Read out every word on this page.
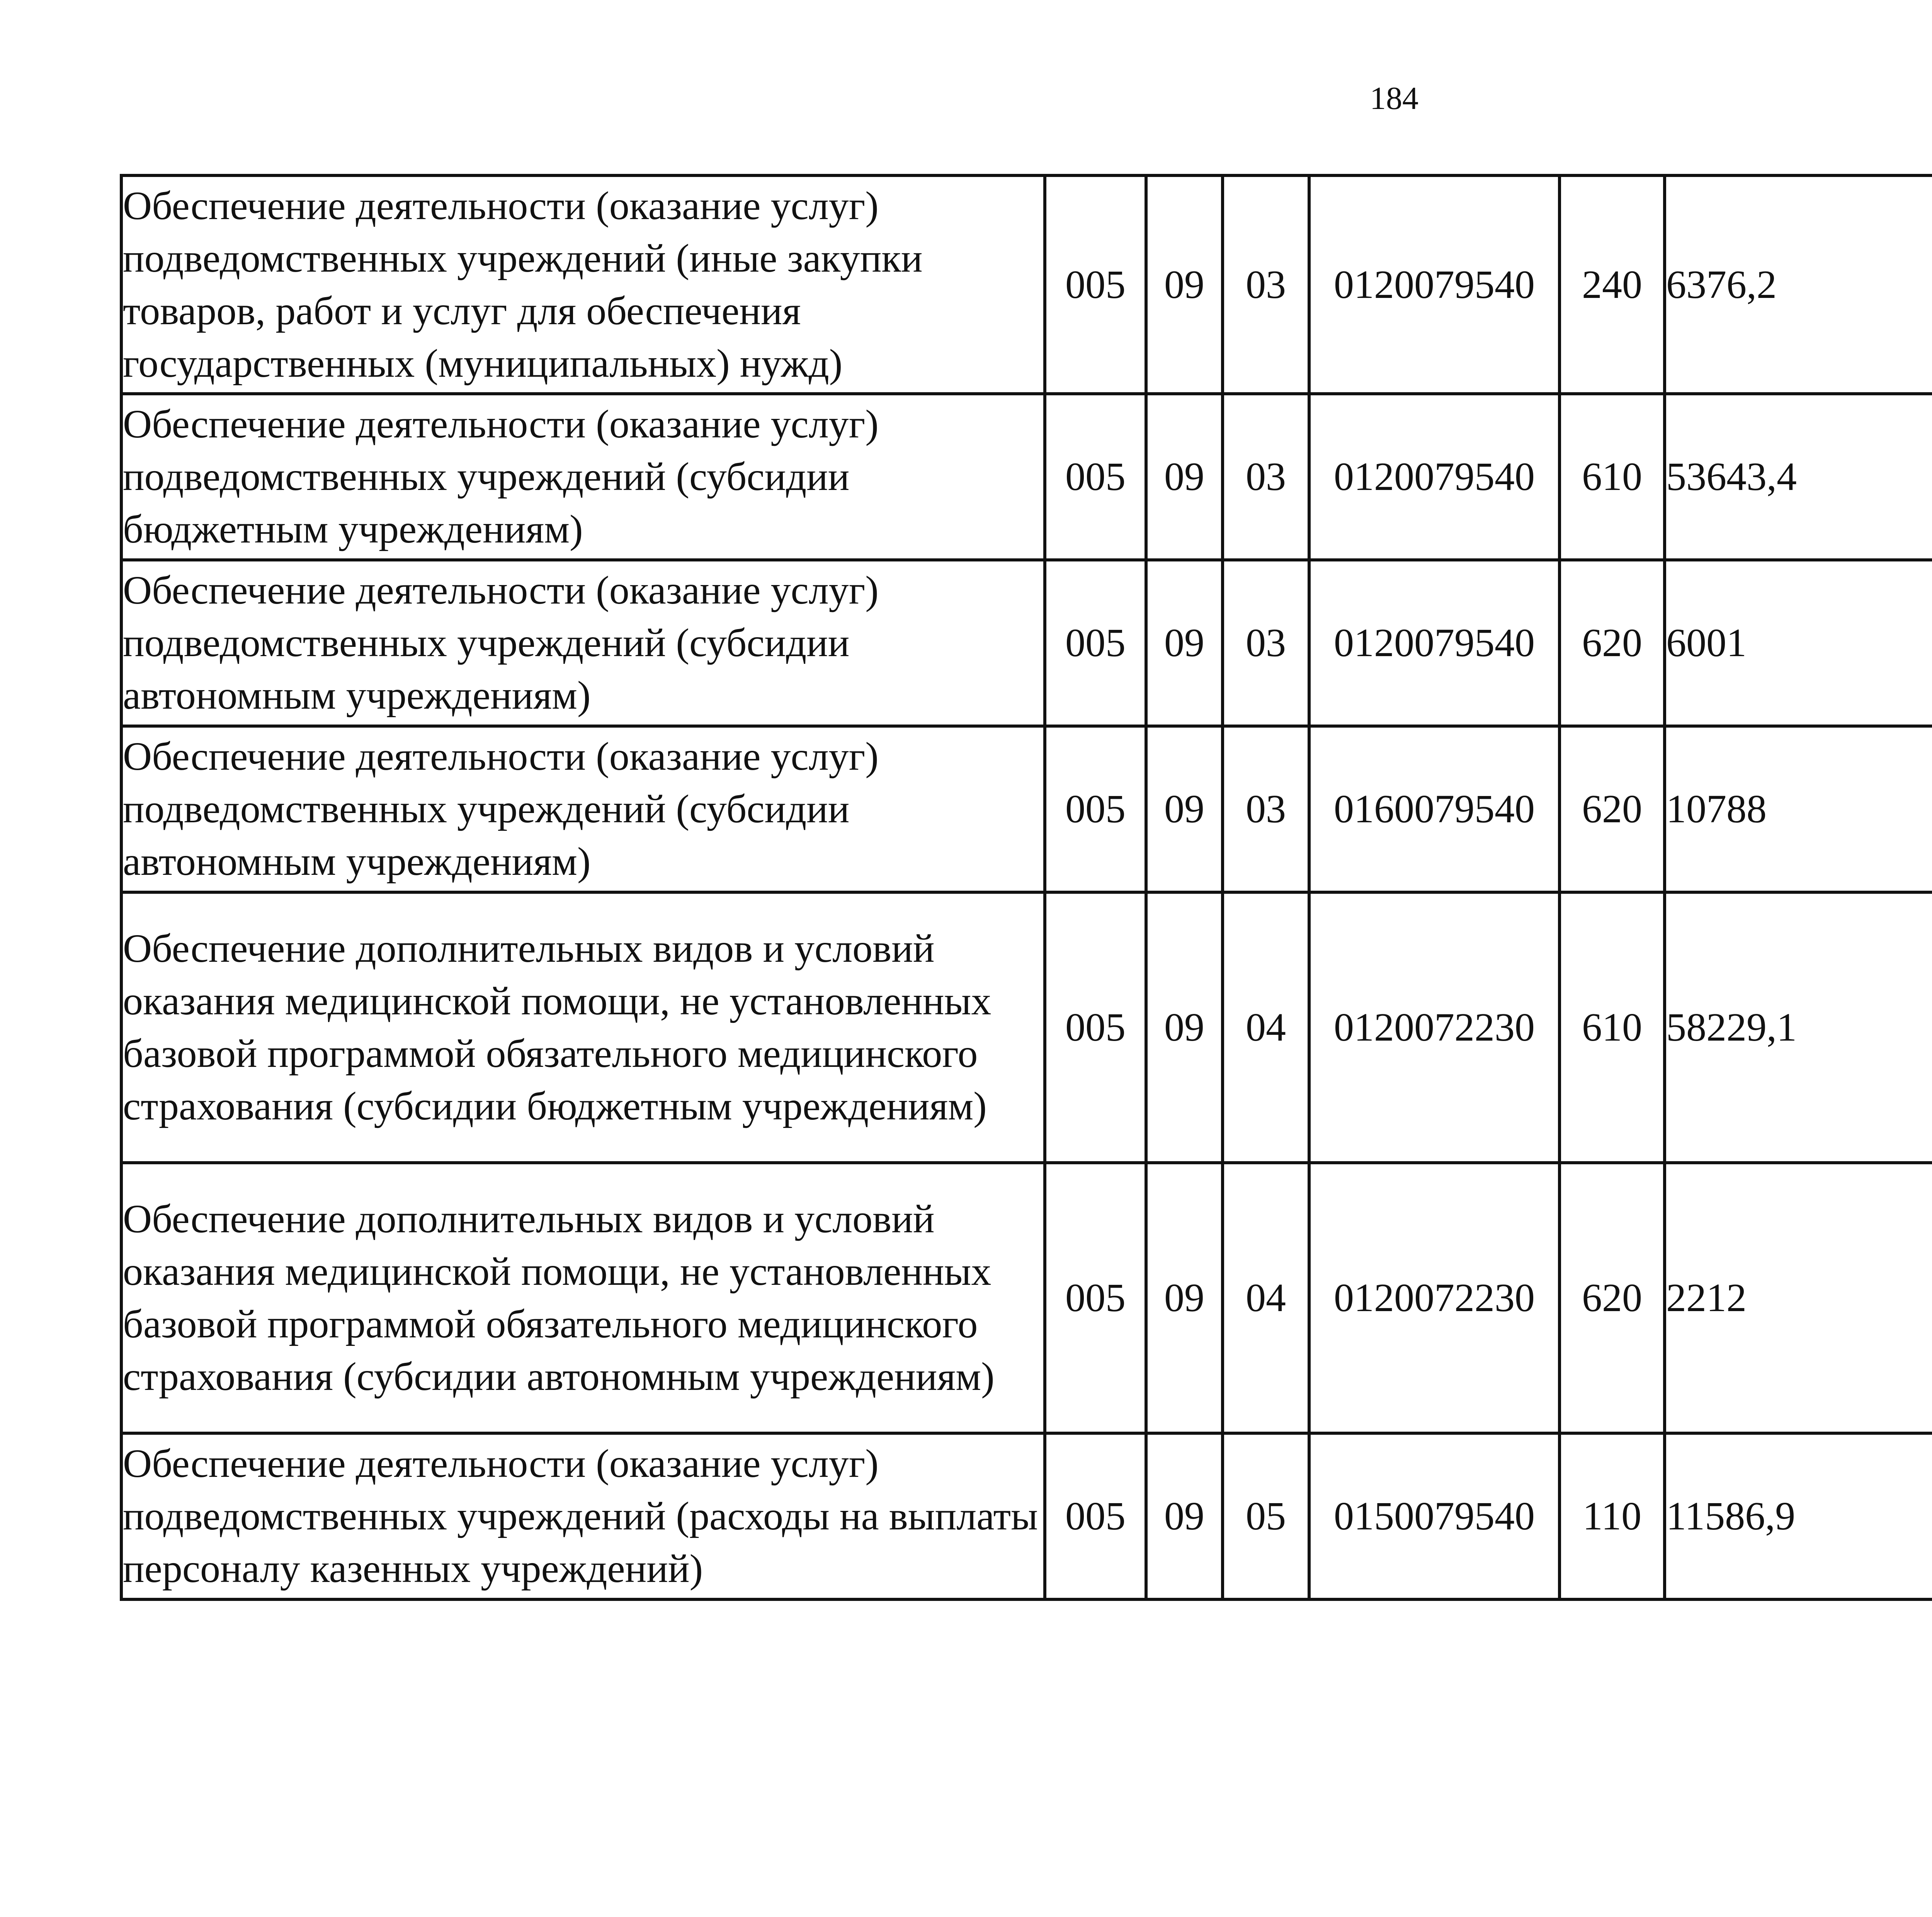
184
Обеспечение деятельности (оказание услуг) подведомственных учреждений (иные закупки товаров, работ и услуг для обеспечения государственных (муниципальных) нужд)	005	09	03	0120079540	240	6376,2		
Обеспечение деятельности (оказание услуг) подведомственных учреждений (субсидии бюджетным учреждениям)	005	09	03	0120079540	610	53643,4		
Обеспечение деятельности (оказание услуг) подведомственных учреждений (субсидии автономным учреждениям)	005	09	03	0120079540	620	6001		
Обеспечение деятельности (оказание услуг) подведомственных учреждений (субсидии автономным учреждениям)	005	09	03	0160079540	620	10788		
Обеспечение дополнительных видов и условий оказания медицинской помощи, не установленных базовой программой обязательного медицинского страхования (субсидии бюджетным учреждениям)	005	09	04	0120072230	610	58229,1		
Обеспечение дополнительных видов и условий оказания медицинской помощи, не установленных базовой программой обязательного медицинского страхования (субсидии автономным учреждениям)	005	09	04	0120072230	620	2212		
Обеспечение деятельности (оказание услуг) подведомственных учреждений (расходы на выплаты персоналу казенных учреждений)	005	09	05	0150079540	110	11586,9		
